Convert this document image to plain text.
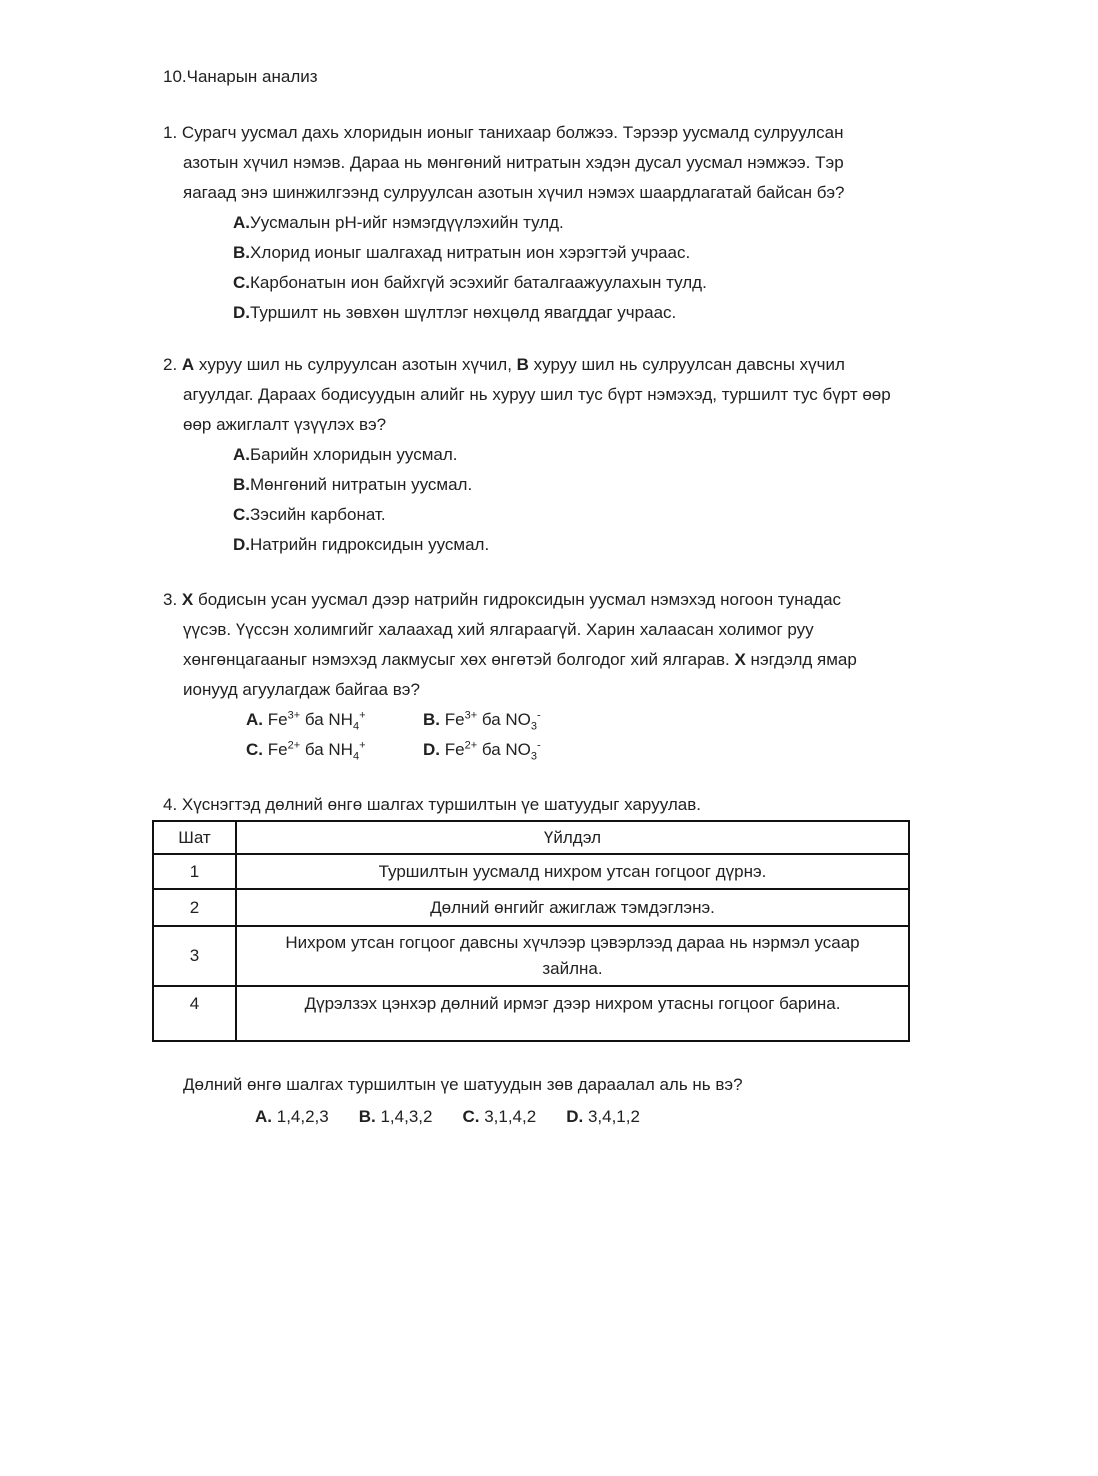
10.Чанарын анализ
1. Сурагч уусмал дахь хлоридын ионыг танихаар болжээ. Тэрээр уусмалд сулруулсан азотын хүчил нэмэв. Дараа нь мөнгөний нитратын хэдэн дусал уусмал нэмжээ. Тэр яагаад энэ шинжилгээнд сулруулсан азотын хүчил нэмэх шаардлагатай байсан бэ?
A.Уусмалын pH-ийг нэмэгдүүлэхийн тулд.
B.Хлорид ионыг шалгахад нитратын ион хэрэгтэй учраас.
C.Карбонатын ион байхгүй эсэхийг баталгаажуулахын тулд.
D.Туршилт нь зөвхөн шүлтлэг нөхцөлд явагддаг учраас.
2. A хуруу шил нь сулруулсан азотын хүчил, B хуруу шил нь сулруулсан давсны хүчил агуулдаг. Дараах бодисуудын алийг нь хуруу шил тус бүрт нэмэхэд, туршилт тус бүрт өөр өөр ажиглалт үзүүлэх вэ?
A.Барийн хлоридын уусмал.
B.Мөнгөний нитратын уусмал.
C.Зэсийн карбонат.
D.Натрийн гидроксидын уусмал.
3. X бодисын усан уусмал дээр натрийн гидроксидын уусмал нэмэхэд ногоон тунадас үүсэв. Үүссэн холимгийг халаахад хий ялгараагүй. Харин халаасан холимог руу хөнгөнцагааныг нэмэхэд лакмусыг хөх өнгөтэй болгодог хий ялгарав. X нэгдэлд ямар ионууд агуулагдаж байгаа вэ?
A. $Fe^{3+}$ ба $NH_4^+$	B. $Fe^{3+}$ ба $NO_3^-$
C. $Fe^{2+}$ ба $NH_4^+$	D. $Fe^{2+}$ ба $NO_3^-$
4. Хүснэгтэд дөлний өнгө шалгах туршилтын үе шатуудыг харуулав.
Шат	Үйлдэл
1	Туршилтын уусмалд нихром утсан гогцоог дүрнэ.
2	Дөлний өнгийг ажиглаж тэмдэглэнэ.
3	Нихром утсан гогцоог давсны хүчлээр цэвэрлээд дараа нь нэрмэл усаар зайлна.
4	Дүрэлзэх цэнхэр дөлний ирмэг дээр нихром утасны гогцоог барина.
Дөлний өнгө шалгах туршилтын үе шатуудын зөв дараалал аль нь вэ?
A. 1,4,2,3 B. 1,4,3,2 C. 3,1,4,2 D. 3,4,1,2
